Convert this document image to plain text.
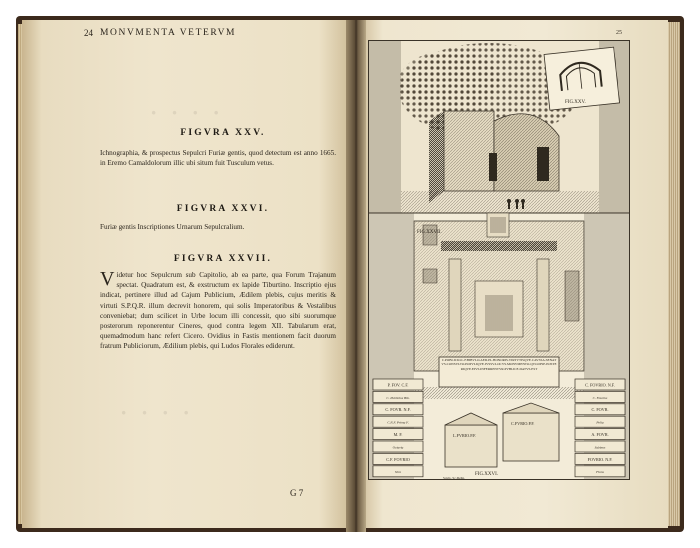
24 MONVMENTA VETERVM
· · · ·
· · · ·
FIGVRA XXV.
Ichnographia, & prospectus Sepulcri Furiæ gentis, quod detectum est anno 1665. in Eremo Camaldolorum illic ubi situm fuit Tusculum vetus.
FIGVRA XXVI.
Furiæ gentis Inscriptiones Urnarum Sepulcralium.
FIGVRA XXVII.
Videtur hoc Sepulcrum sub Capitolio, ab ea parte, qua Forum Trajanum spectat. Quadratum est, & exstructum ex lapide Tiburtino. Inscriptio ejus indicat, pertinere illud ad Cajum Publicium, Ædilem plebis, cujus meritis & virtuti S.P.Q.R. illum decrevit honorem, qui solis Imperatoribus & Vestalibus conveniebat; dum scilicet in Urbe locum illi concessit, quo sibi suorumque posterorum reponerentur Cineres, quod contra legem XII. Tabularum erat, quemadmodum hanc refert Cicero. Ovidius in Fastis mentionem facit duorum fratrum Publiciorum, Ædilium plebis, qui Ludos Florales ediderunt.
G 7
25
FIG.XXV.
FIG.XXVII.
C.POBLICIO.L.F.BIBVLO.AED.PL.HONORIS.VIRTVTISQVE.CAVSSA.SENATVS.CONSVLTO.POPVLIQVE.IVSSV.LOCVS.MONVMENTO.QVO.IPSE.POSTERIQVE.EIVS.INFERRENTVR.PVBLICE.DATVS.EST
P. FOV. C.F.
C. Publicius Bib.
C. FOVR. N.F.
C.N.F. Prima F.
M. F.
Octavia
C.F. FOVRIO
Vero
C. FOVRIO. N.F.
C. Fourius
C. FOVR.
Pelia
A. FOVR.
Sabinus
FOVRIO. N.F.
Flora
L.FVRIO.P.F.
C.FVRIO.P.F.
FIG.XXVI.
Sculp. Sc.Delin.
